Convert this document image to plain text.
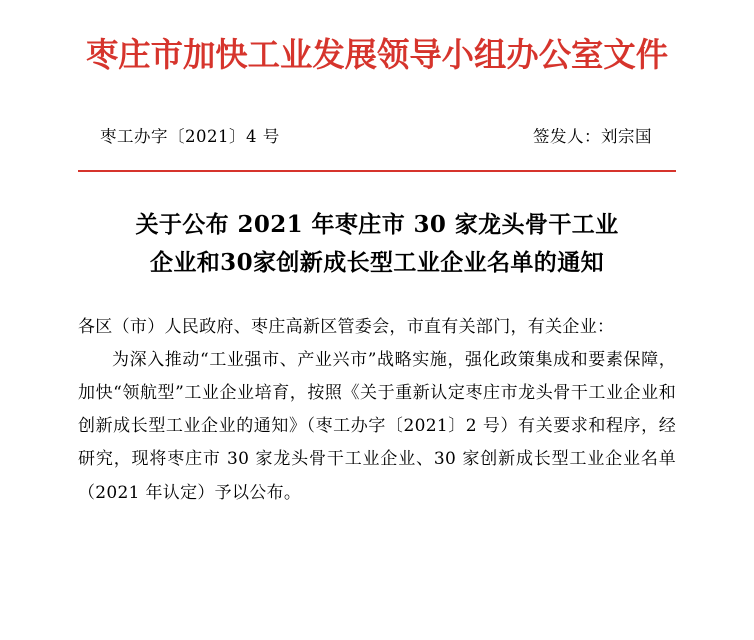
枣庄市加快工业发展领导小组办公室文件
枣工办字〔2021〕4 号	签发人：刘宗国
关于公布 2021 年枣庄市 30 家龙头骨干工业
企业和30家创新成长型工业企业名单的通知

各区（市）人民政府、枣庄高新区管委会，市直有关部门，有关企业：

为深入推动“工业强市、产业兴市”战略实施，强化政策集成和要素保障，加快“领航型”工业企业培育，按照《关于重新认定枣庄市龙头骨干工业企业和创新成长型工业企业的通知》（枣工办字〔2021〕2 号）有关要求和程序，经研究，现将枣庄市 30 家龙头骨干工业企业、30 家创新成长型工业企业名单（2021 年认定）予以公布。
